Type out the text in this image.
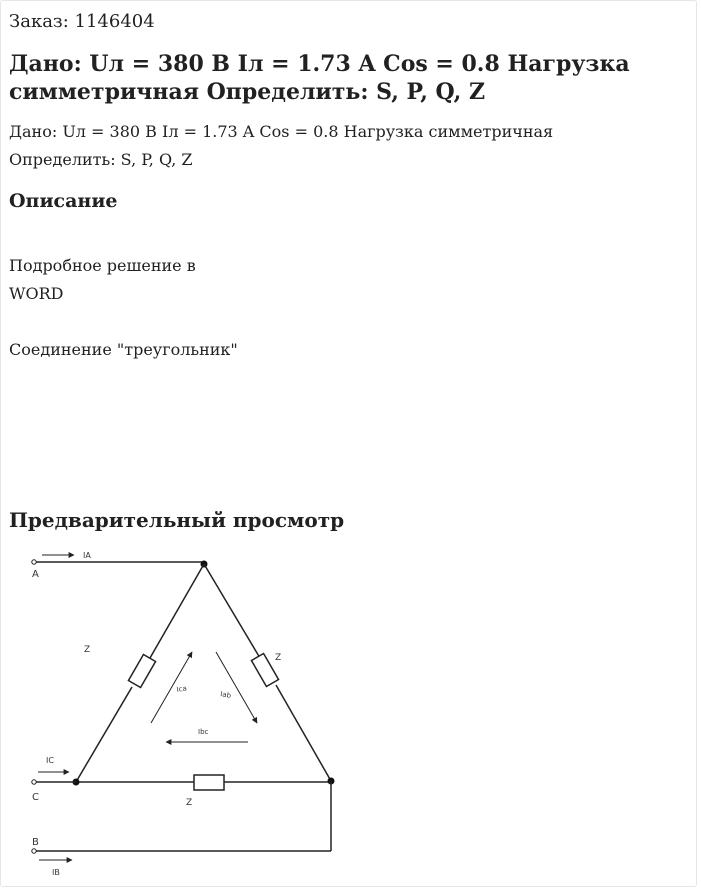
Заказ: 1146404
Дано: Uл = 380 B Iл = 1.73 A Cos = 0.8 Нагрузка
симметричная Определить: S, P, Q, Z
Дано: Uл = 380 B Iл = 1.73 A Cos = 0.8 Нагрузка симметричная
Определить: S, P, Q, Z
Описание
Подробное решение в
WORD
Соединение "треугольник"
Предварительный просмотр
IA
A
Z
Z
Z
IC
C
IB
B
Ica
Iab
Ibc
